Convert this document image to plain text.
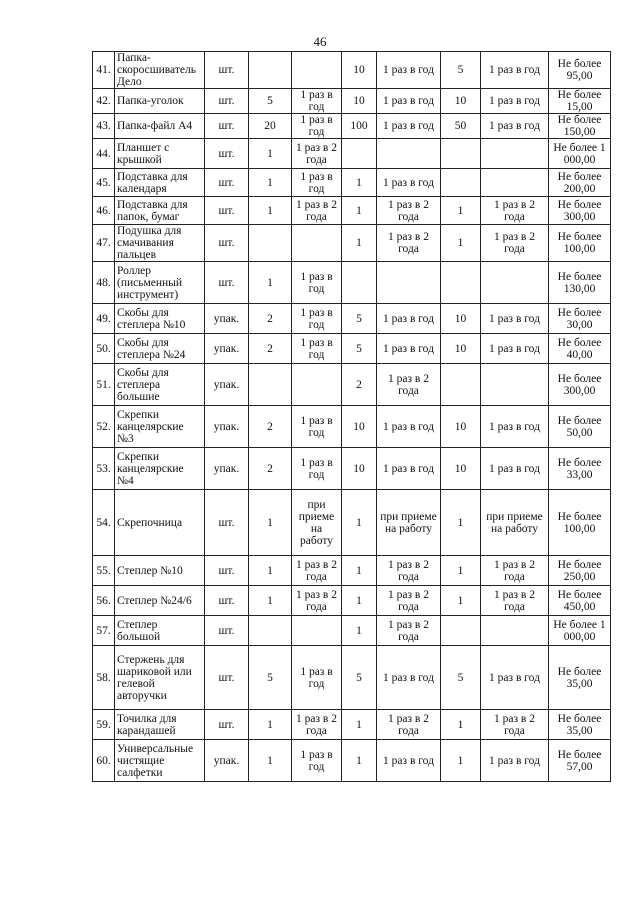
46
41.	Папка-скоросшиватель Дело	шт.			10	1 раз в год	5	1 раз в год	Не более 95,00
42.	Папка-уголок	шт.	5	1 раз в год	10	1 раз в год	10	1 раз в год	Не более 15,00
43.	Папка-файл А4	шт.	20	1 раз в год	100	1 раз в год	50	1 раз в год	Не более 150,00
44.	Планшет с крышкой	шт.	1	1 раз в 2 года					Не более 1 000,00
45.	Подставка для календаря	шт.	1	1 раз в год	1	1 раз в год			Не более 200,00
46.	Подставка для папок, бумаг	шт.	1	1 раз в 2 года	1	1 раз в 2 года	1	1 раз в 2 года	Не более 300,00
47.	Подушка для смачивания пальцев	шт.			1	1 раз в 2 года	1	1 раз в 2 года	Не более 100,00
48.	Роллер (письменный инструмент)	шт.	1	1 раз в год					Не более 130,00
49.	Скобы для степлера №10	упак.	2	1 раз в год	5	1 раз в год	10	1 раз в год	Не более 30,00
50.	Скобы для степлера №24	упак.	2	1 раз в год	5	1 раз в год	10	1 раз в год	Не более 40,00
51.	Скобы для степлера большие	упак.			2	1 раз в 2 года			Не более 300,00
52.	Скрепки канцелярские №3	упак.	2	1 раз в год	10	1 раз в год	10	1 раз в год	Не более 50,00
53.	Скрепки канцелярские №4	упак.	2	1 раз в год	10	1 раз в год	10	1 раз в год	Не более 33,00
54.	Скрепочница	шт.	1	при приеме на работу	1	при приеме на работу	1	при приеме на работу	Не более 100,00
55.	Степлер №10	шт.	1	1 раз в 2 года	1	1 раз в 2 года	1	1 раз в 2 года	Не более 250,00
56.	Степлер №24/6	шт.	1	1 раз в 2 года	1	1 раз в 2 года	1	1 раз в 2 года	Не более 450,00
57.	Степлер большой	шт.			1	1 раз в 2 года			Не более 1 000,00
58.	Стержень для шариковой или гелевой авторучки	шт.	5	1 раз в год	5	1 раз в год	5	1 раз в год	Не более 35,00
59.	Точилка для карандашей	шт.	1	1 раз в 2 года	1	1 раз в 2 года	1	1 раз в 2 года	Не более 35,00
60.	Универсальные чистящие салфетки	упак.	1	1 раз в год	1	1 раз в год	1	1 раз в год	Не более 57,00
